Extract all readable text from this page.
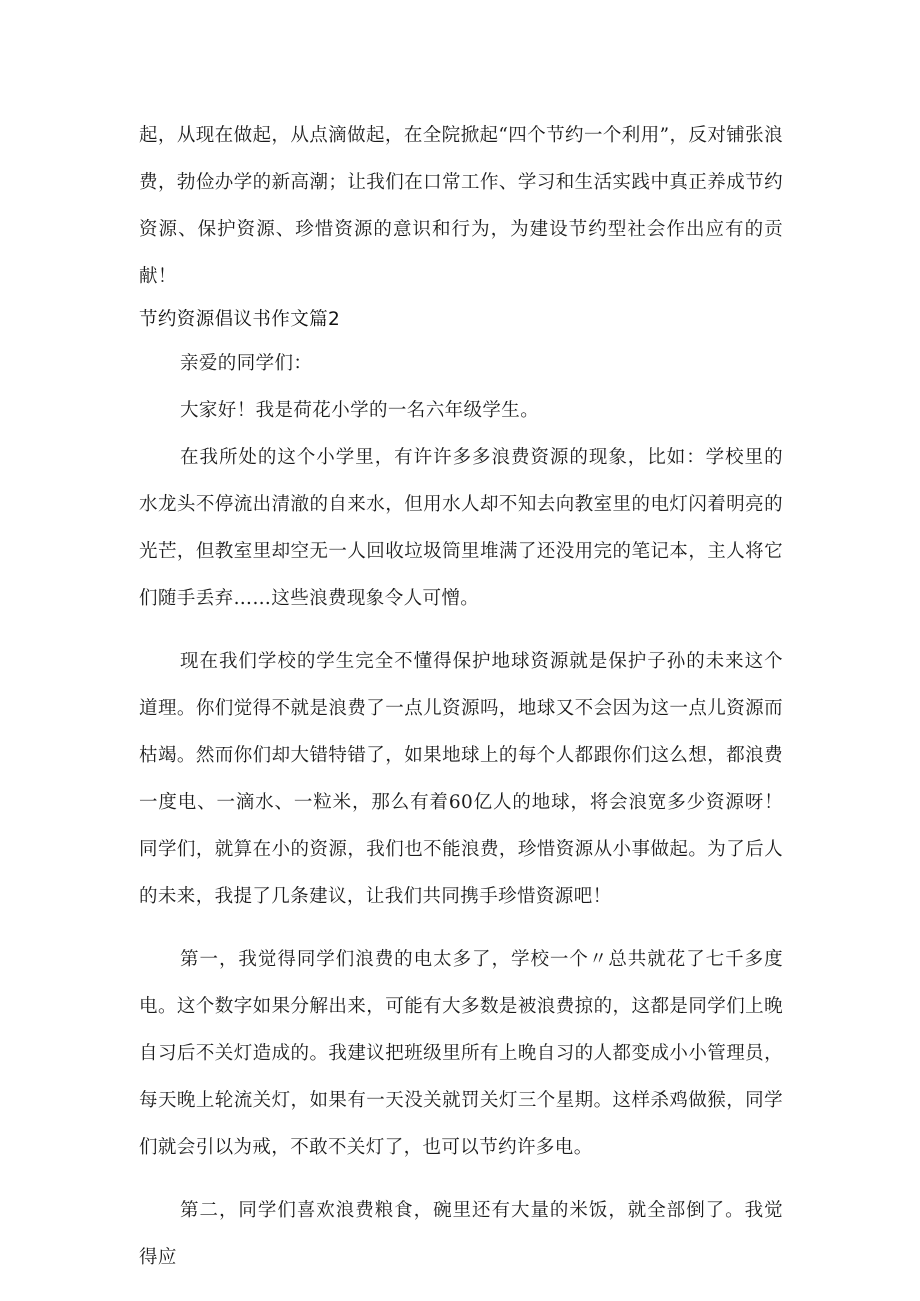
起，从现在做起，从点滴做起，在全院掀起“四个节约一个利用”，反对铺张浪费，勃俭办学的新高潮；让我们在口常工作、学习和生活实践中真正养成节约资源、保护资源、珍惜资源的意识和行为，为建设节约型社会作出应有的贡献！

节约资源倡议书作文篇2

亲爱的同学们：

大家好！我是荷花小学的一名六年级学生。

在我所处的这个小学里，有许许多多浪费资源的现象，比如：学校里的水龙头不停流出清澈的自来水，但用水人却不知去向教室里的电灯闪着明亮的光芒，但教室里却空无一人回收垃圾筒里堆满了还没用完的笔记本，主人将它们随手丢弃……这些浪费现象令人可憎。

现在我们学校的学生完全不懂得保护地球资源就是保护子孙的未来这个道理。你们觉得不就是浪费了一点儿资源吗，地球又不会因为这一点儿资源而枯竭。然而你们却大错特错了，如果地球上的每个人都跟你们这么想，都浪费一度电、一滴水、一粒米，那么有着60亿人的地球，将会浪宽多少资源呀！同学们，就算在小的资源，我们也不能浪费，珍惜资源从小事做起。为了后人的未来，我提了几条建议，让我们共同携手珍惜资源吧！

第一，我觉得同学们浪费的电太多了，学校一个〃总共就花了七千多度电。这个数字如果分解出来，可能有大多数是被浪费掠的，这都是同学们上晚自习后不关灯造成的。我建议把班级里所有上晚自习的人都变成小小管理员，每天晚上轮流关灯，如果有一天没关就罚关灯三个星期。这样杀鸡做猴，同学们就会引以为戒，不敢不关灯了，也可以节约许多电。

第二，同学们喜欢浪费粮食，碗里还有大量的米饭，就全部倒了。我觉得应
